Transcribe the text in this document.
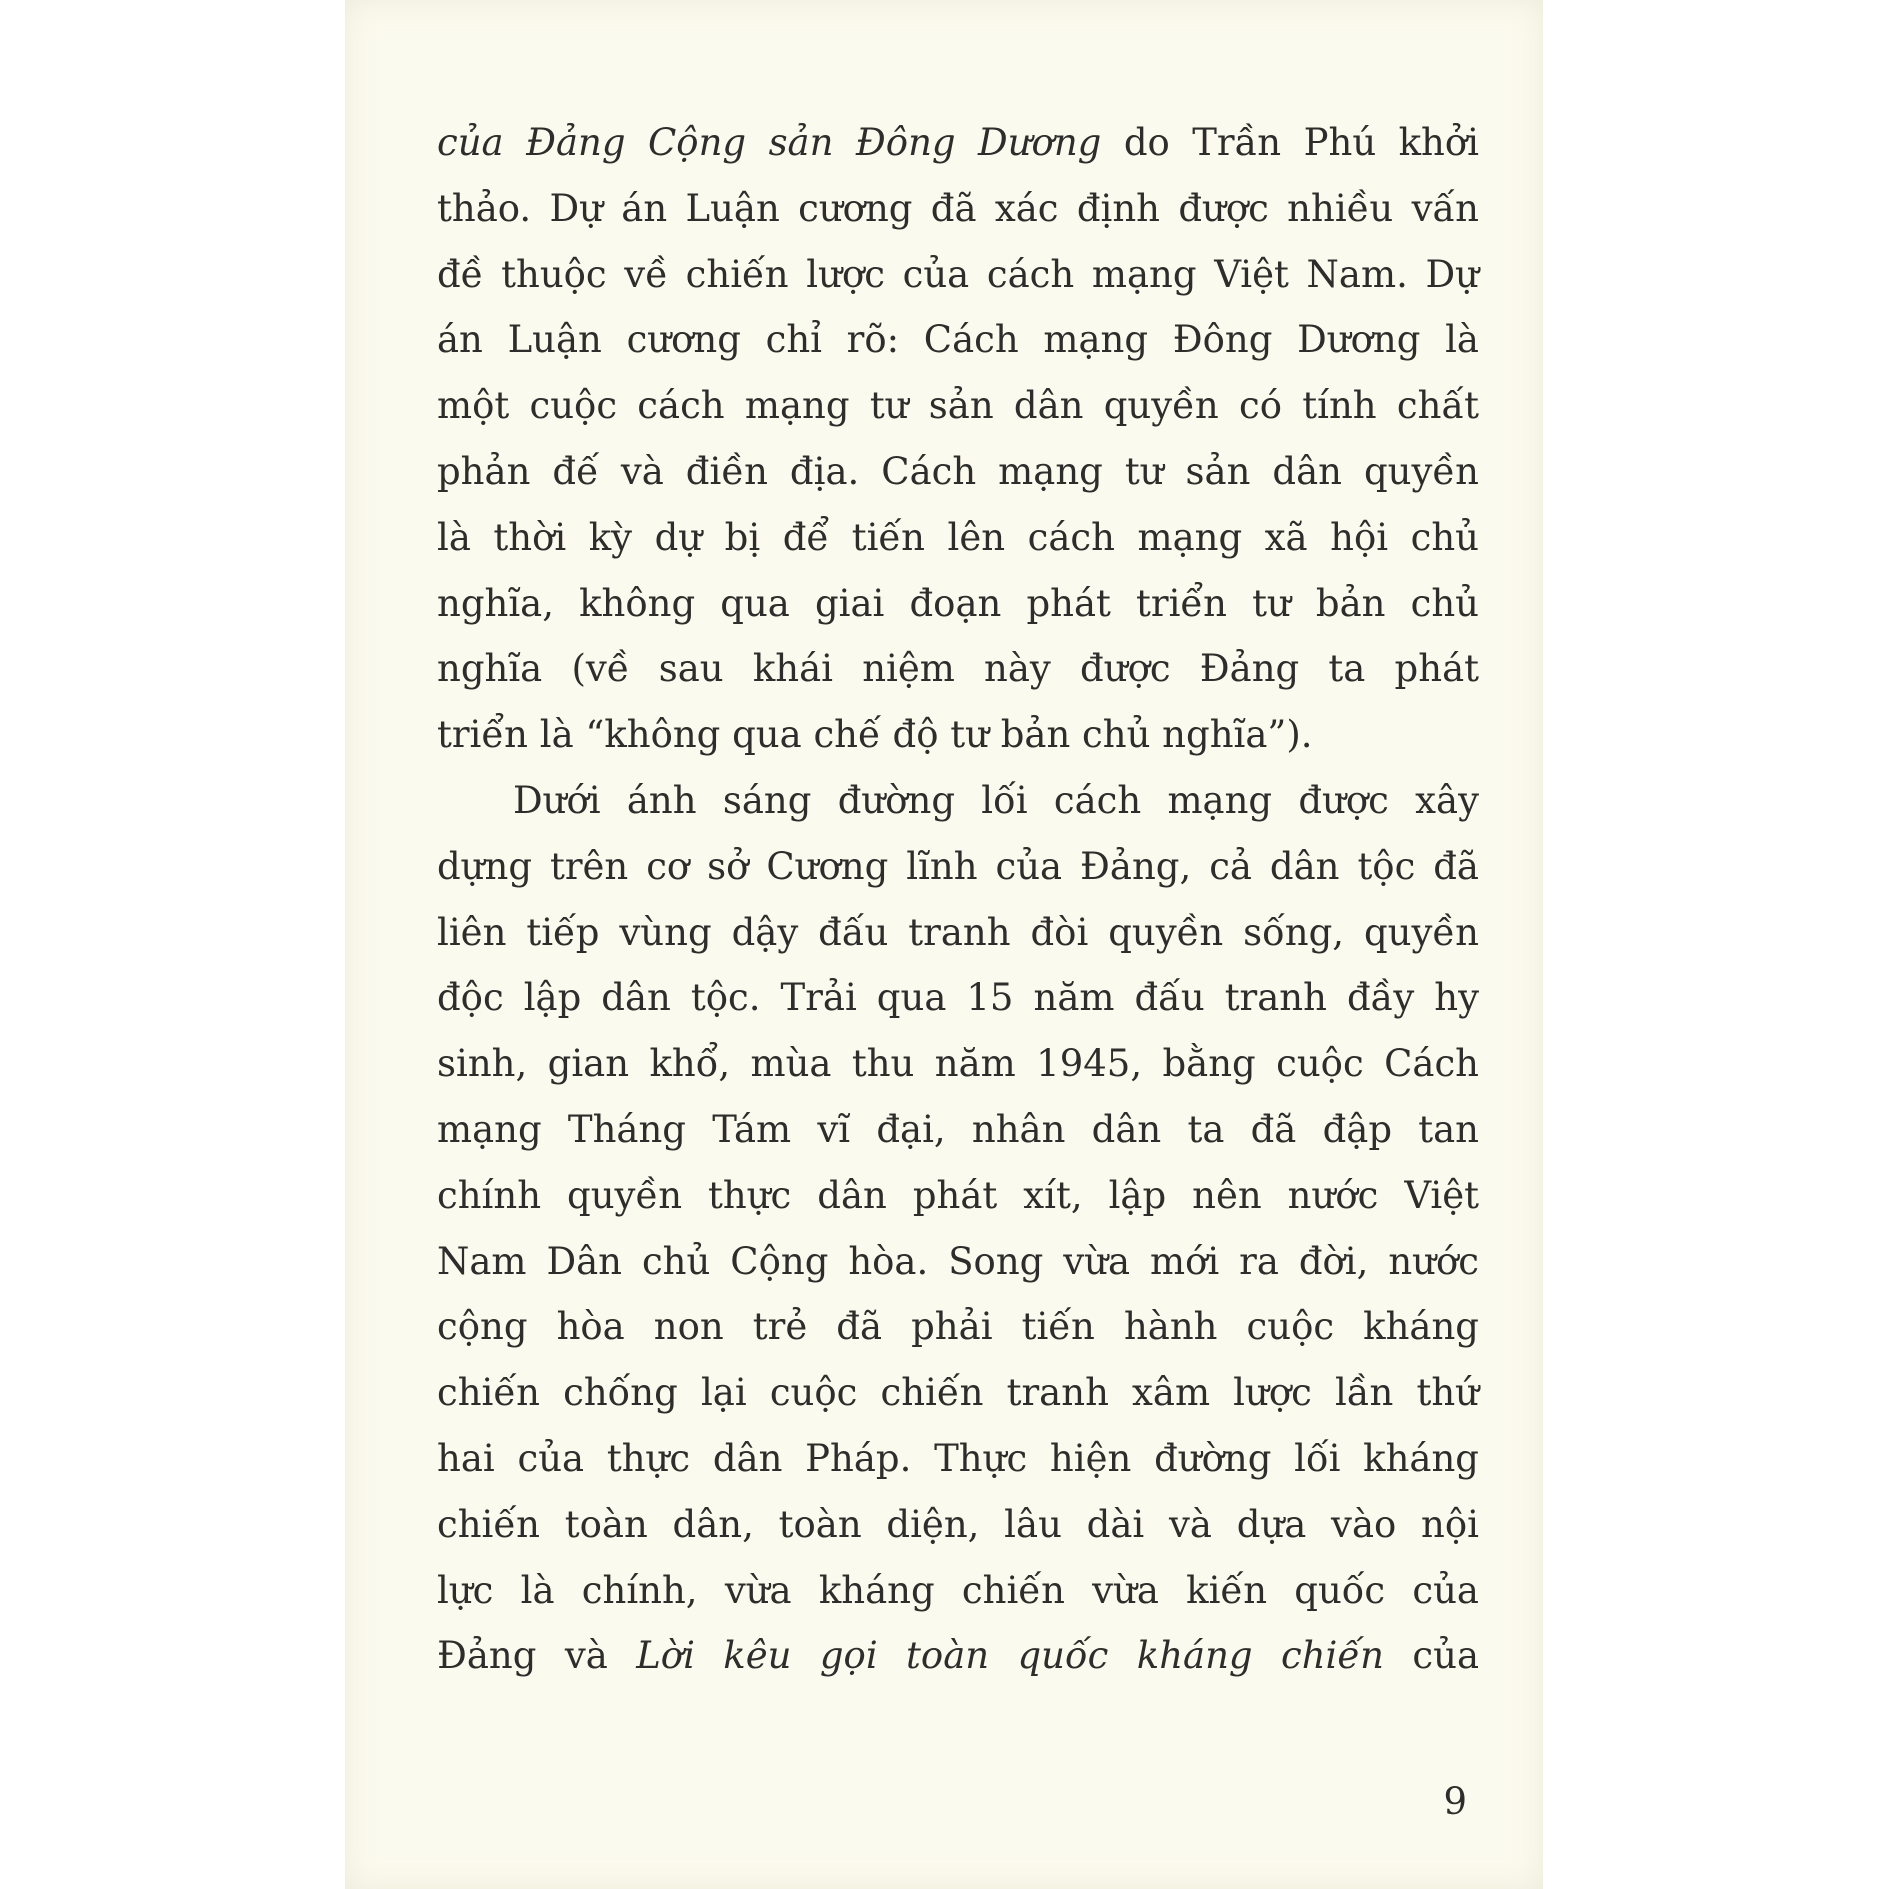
của Đảng Cộng sản Đông Dương do Trần Phú khởi
thảo. Dự án Luận cương đã xác định được nhiều vấn
đề thuộc về chiến lược của cách mạng Việt Nam. Dự
án Luận cương chỉ rõ: Cách mạng Đông Dương là
một cuộc cách mạng tư sản dân quyền có tính chất
phản đế và điền địa. Cách mạng tư sản dân quyền
là thời kỳ dự bị để tiến lên cách mạng xã hội chủ
nghĩa, không qua giai đoạn phát triển tư bản chủ
nghĩa (về sau khái niệm này được Đảng ta phát
triển là “không qua chế độ tư bản chủ nghĩa”).
Dưới ánh sáng đường lối cách mạng được xây
dựng trên cơ sở Cương lĩnh của Đảng, cả dân tộc đã
liên tiếp vùng dậy đấu tranh đòi quyền sống, quyền
độc lập dân tộc. Trải qua 15 năm đấu tranh đầy hy
sinh, gian khổ, mùa thu năm 1945, bằng cuộc Cách
mạng Tháng Tám vĩ đại, nhân dân ta đã đập tan
chính quyền thực dân phát xít, lập nên nước Việt
Nam Dân chủ Cộng hòa. Song vừa mới ra đời, nước
cộng hòa non trẻ đã phải tiến hành cuộc kháng
chiến chống lại cuộc chiến tranh xâm lược lần thứ
hai của thực dân Pháp. Thực hiện đường lối kháng
chiến toàn dân, toàn diện, lâu dài và dựa vào nội
lực là chính, vừa kháng chiến vừa kiến quốc của
Đảng và Lời kêu gọi toàn quốc kháng chiến của
9
